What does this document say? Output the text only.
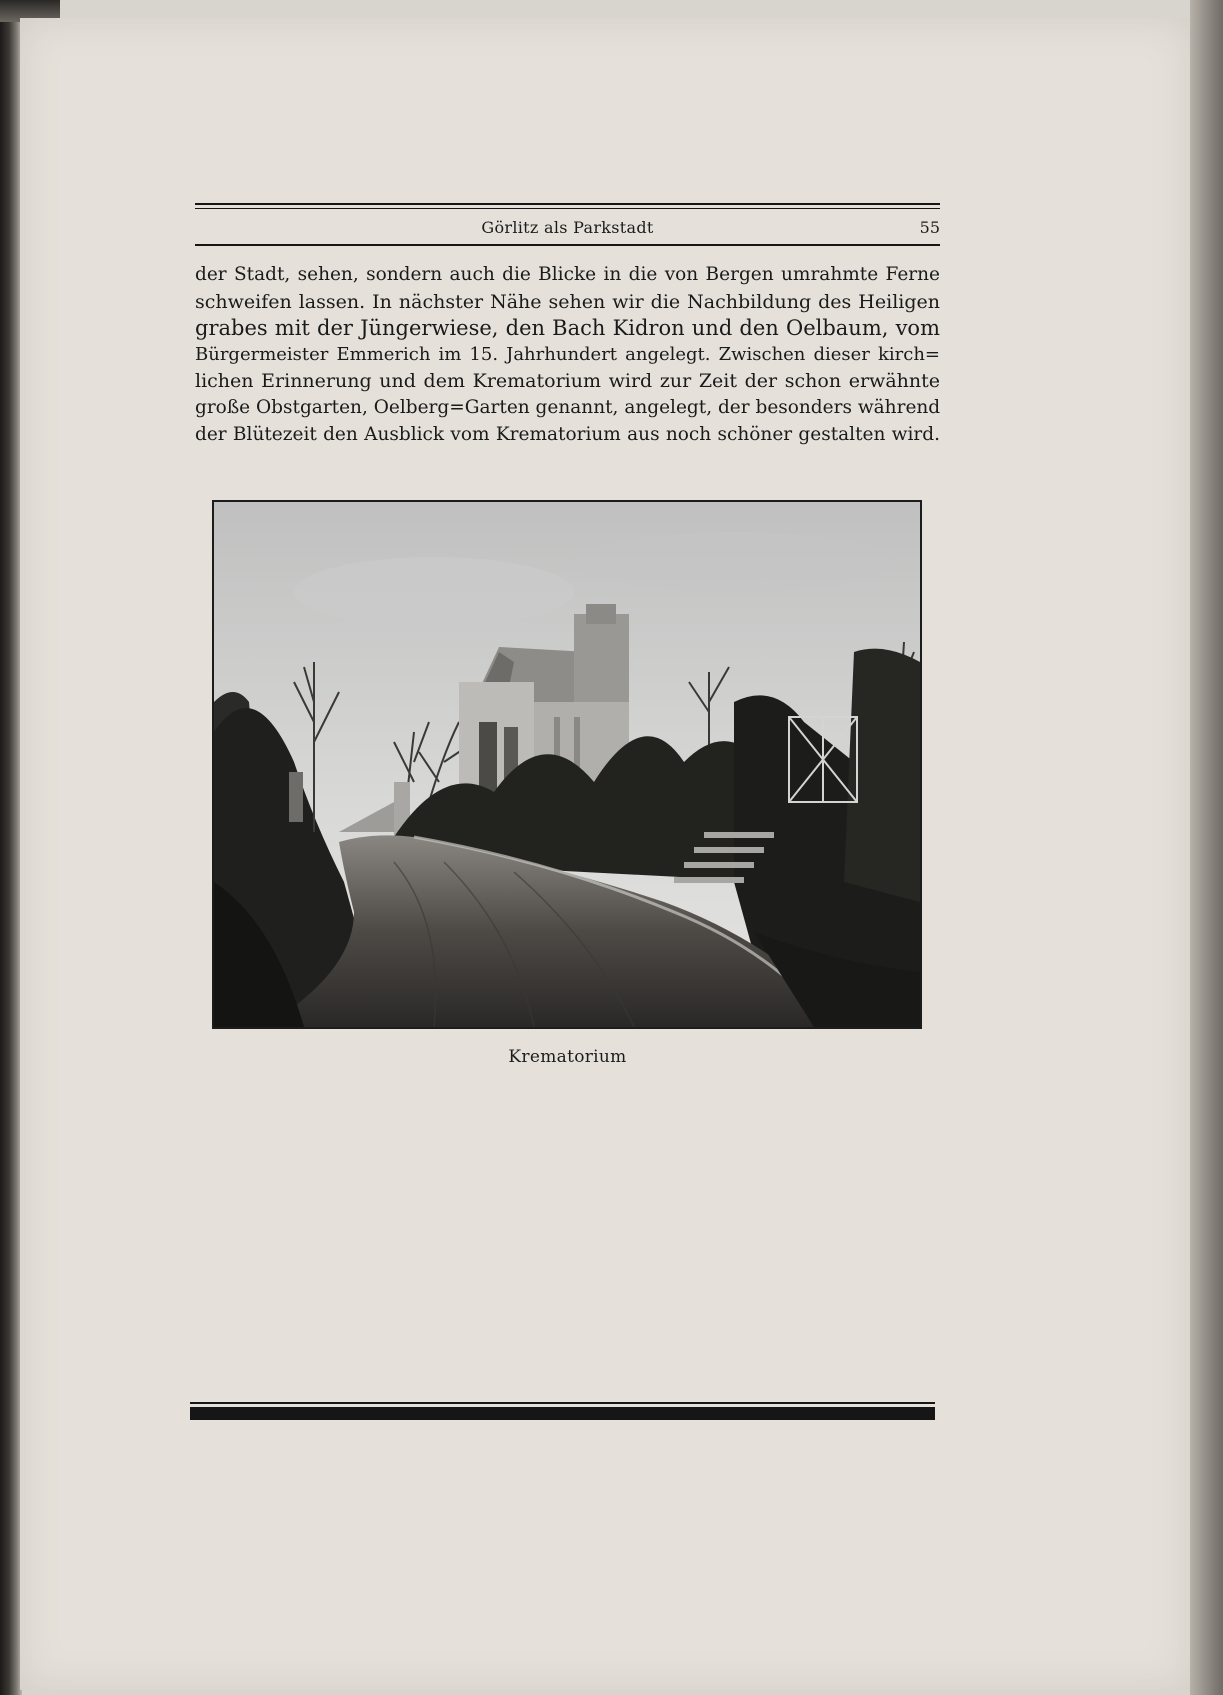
Görlitz als Parkstadt	55
der Stadt, sehen, sondern auch die Blicke in die von Bergen umrahmte Ferne
schweifen lassen. In nächster Nähe sehen wir die Nachbildung des Heiligen
grabes mit der Jüngerwiese, den Bach Kidron und den Oelbaum, vom
Bürgermeister Emmerich im 15. Jahrhundert angelegt. Zwischen dieser kirch=
lichen Erinnerung und dem Krematorium wird zur Zeit der schon erwähnte
große Obstgarten, Oelberg=Garten genannt, angelegt, der besonders während
der Blütezeit den Ausblick vom Krematorium aus noch schöner gestalten wird.
Krematorium
